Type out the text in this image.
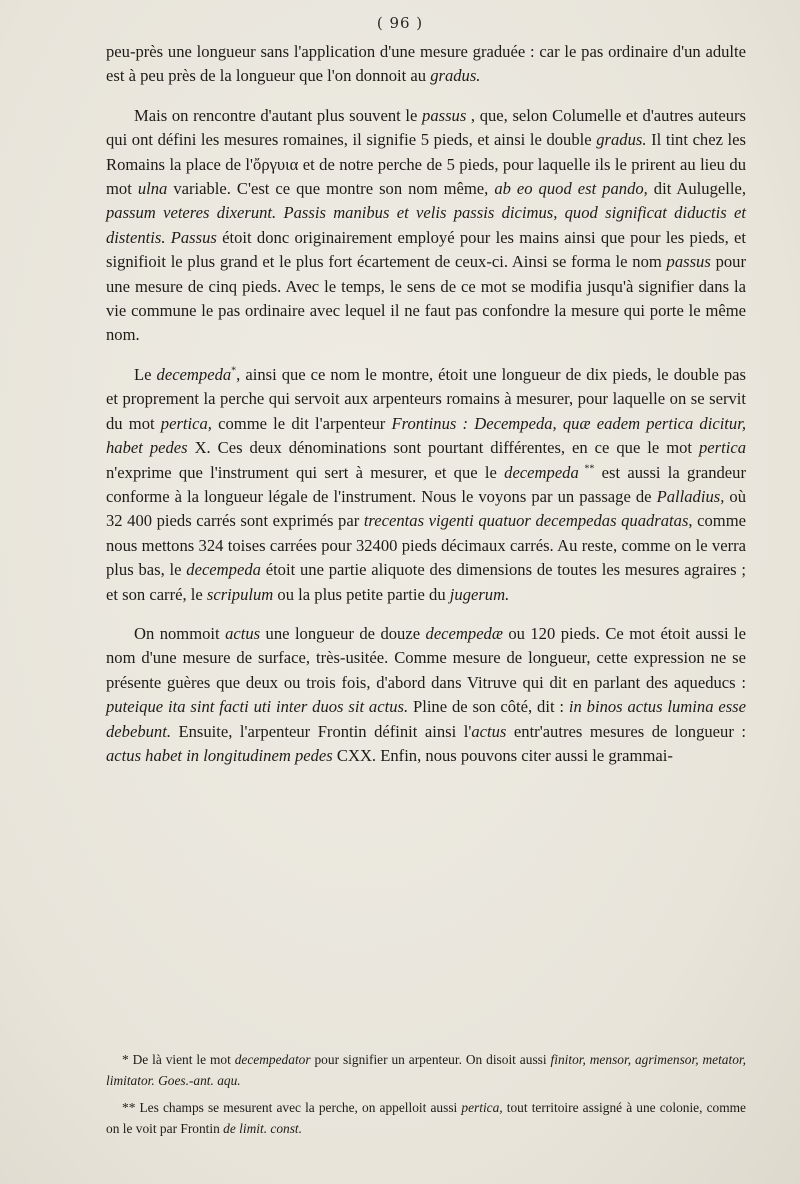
( 96 )

peu-près une longueur sans l'application d'une mesure graduée : car le pas ordinaire d'un adulte est à peu près de la longueur que l'on donnoit au gradus.

Mais on rencontre d'autant plus souvent le passus , que, selon Columelle et d'autres auteurs qui ont défini les mesures romaines, il signifie 5 pieds, et ainsi le double gradus. Il tint chez les Romains la place de l'ὄργυια et de notre perche de 5 pieds, pour laquelle ils le prirent au lieu du mot ulna variable. C'est ce que montre son nom même, ab eo quod est pando, dit Aulugelle, passum veteres dixerunt. Passis manibus et velis passis dicimus, quod significat diductis et distentis. Passus étoit donc originairement employé pour les mains ainsi que pour les pieds, et signifioit le plus grand et le plus fort écartement de ceux-ci. Ainsi se forma le nom passus pour une mesure de cinq pieds. Avec le temps, le sens de ce mot se modifia jusqu'à signifier dans la vie commune le pas ordinaire avec lequel il ne faut pas confondre la mesure qui porte le même nom.

Le decempeda*, ainsi que ce nom le montre, étoit une longueur de dix pieds, le double pas et proprement la perche qui servoit aux arpenteurs romains à mesurer, pour laquelle on se servit du mot pertica, comme le dit l'arpenteur Frontinus : Decempeda, quæ eadem pertica dicitur, habet pedes X. Ces deux dénominations sont pourtant différentes, en ce que le mot pertica n'exprime que l'instrument qui sert à mesurer, et que le decempeda ** est aussi la grandeur conforme à la longueur légale de l'instrument. Nous le voyons par un passage de Palladius, où 32 400 pieds carrés sont exprimés par trecentas vigenti quatuor decempedas quadratas, comme nous mettons 324 toises carrées pour 32400 pieds décimaux carrés. Au reste, comme on le verra plus bas, le decempeda étoit une partie aliquote des dimensions de toutes les mesures agraires ; et son carré, le scripulum ou la plus petite partie du jugerum.

On nommoit actus une longueur de douze decempedæ ou 120 pieds. Ce mot étoit aussi le nom d'une mesure de surface, très-usitée. Comme mesure de longueur, cette expression ne se présente guères que deux ou trois fois, d'abord dans Vitruve qui dit en parlant des aqueducs : puteique ita sint facti uti inter duos sit actus. Pline de son côté, dit : in binos actus lumina esse debebunt. Ensuite, l'arpenteur Frontin définit ainsi l'actus entr'autres mesures de longueur : actus habet in longitudinem pedes CXX. Enfin, nous pouvons citer aussi le grammai-

* De là vient le mot decempedator pour signifier un arpenteur. On disoit aussi finitor, mensor, agrimensor, metator, limitator. Goes.-ant. aqu.

** Les champs se mesurent avec la perche, on appelloit aussi pertica, tout territoire assigné à une colonie, comme on le voit par Frontin de limit. const.
